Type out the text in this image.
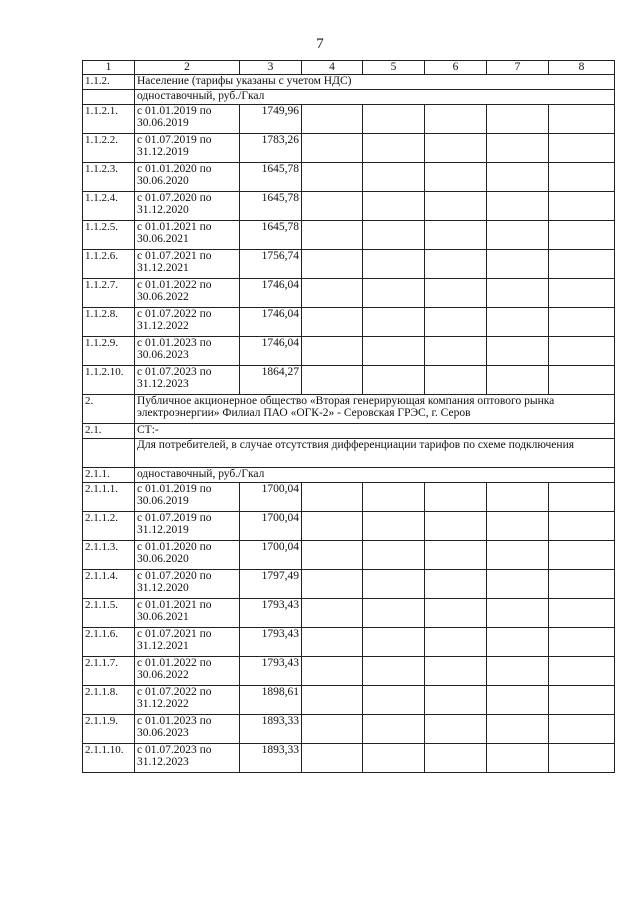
7
1	2	3	4	5	6	7	8
1.1.2.	Население (тарифы указаны с учетом НДС)						
	одноставочный, руб./Гкал						
1.1.2.1.	с 01.01.2019 по 30.06.2019	1749,96					
1.1.2.2.	с 01.07.2019 по 31.12.2019	1783,26					
1.1.2.3.	с 01.01.2020 по 30.06.2020	1645,78					
1.1.2.4.	с 01.07.2020 по 31.12.2020	1645,78					
1.1.2.5.	с 01.01.2021 по 30.06.2021	1645,78					
1.1.2.6.	с 01.07.2021 по 31.12.2021	1756,74					
1.1.2.7.	с 01.01.2022 по 30.06.2022	1746,04					
1.1.2.8.	с 01.07.2022 по 31.12.2022	1746,04					
1.1.2.9.	с 01.01.2023 по 30.06.2023	1746,04					
1.1.2.10.	с 01.07.2023 по 31.12.2023	1864,27					
2.	Публичное акционерное общество «Вторая генерирующая компания оптового рынка электроэнергии» Филиал ПАО «ОГК-2» - Серовская ГРЭС, г. Серов						
2.1.	СТ:-						
	Для потребителей, в случае отсутствия дифференциации тарифов по схеме подключения						
2.1.1.	одноставочный, руб./Гкал						
2.1.1.1.	с 01.01.2019 по 30.06.2019	1700,04					
2.1.1.2.	с 01.07.2019 по 31.12.2019	1700,04					
2.1.1.3.	с 01.01.2020 по 30.06.2020	1700,04					
2.1.1.4.	с 01.07.2020 по 31.12.2020	1797,49					
2.1.1.5.	с 01.01.2021 по 30.06.2021	1793,43					
2.1.1.6.	с 01.07.2021 по 31.12.2021	1793,43					
2.1.1.7.	с 01.01.2022 по 30.06.2022	1793,43					
2.1.1.8.	с 01.07.2022 по 31.12.2022	1898,61					
2.1.1.9.	с 01.01.2023 по 30.06.2023	1893,33					
2.1.1.10.	с 01.07.2023 по 31.12.2023	1893,33					
